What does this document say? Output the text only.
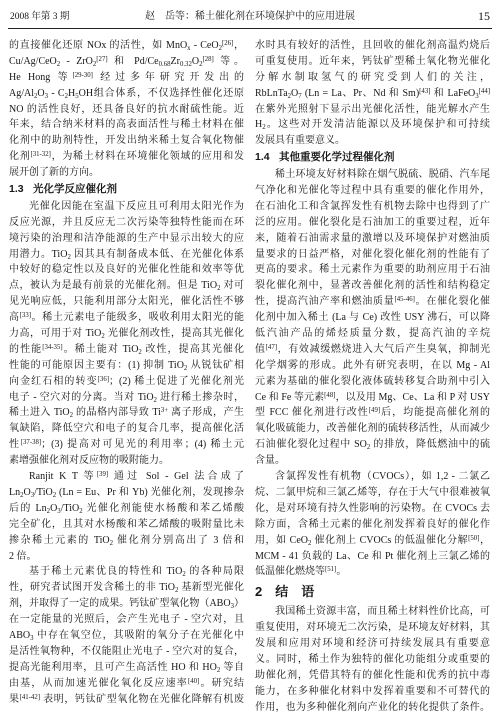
2008 年第 3 期	赵　岳等：稀土催化剂在环境保护中的应用进展	15
的直接催化还原 NOx 的活性，如 MnO$_x$ - CeO$_2$[26]，
Cu/Ag/CeO$_2$ - ZrO$_2$[27] 和 $Pd/Ce_{0.68}Zr_{0.32}O_2[28]$ 等。
He Hong 等[29-30] 经过多年研究开发出的
$Ag/Al_2O_3 - C_2H_5OH$组合体系，不仅选择性催化还原
NO 的活性良好，还具备良好的抗水耐硫性能。近
年来，结合纳米材料的高表面活性与稀土材料在催
化剂中的助剂特性，开发出纳米稀土复合氧化物催
化剂[31-32]，为稀土材料在环境催化领域的应用和发
展开创了新的方向。
1.3 光化学反应催化剂
光催化因能在室温下反应且可利用太阳光作为
反应光源，并且反应无二次污染等独特性能而在环
境污染的治理和洁净能源的生产中显示出较大的应
用潜力。TiO$_2$ 因其具有制备成本低、在光催化体系
中较好的稳定性以及良好的光催化性能和效率等优
点，被认为是最有前景的光催化剂。但是 TiO$_2$ 对可
见光响应低，只能利用部分太阳光，催化活性不够
高[33]。稀土元素电子能级多，吸收利用太阳光的能
力高，可用于对 TiO$_2$ 光催化剂改性，提高其光催化
的性能[34-35]。稀土能对 TiO$_2$ 改性，提高其光催化
性能的可能原因主要有：(1) 抑制 TiO$_2$ 从锐钛矿相
向金红石相的转变[36]；(2) 稀土促进了光催化剂光
电子 - 空穴对的分离。当对 TiO$_2$ 进行稀土掺杂时，
稀土进入 TiO$_2$ 的晶格内部导致 $Ti^{3+}$ 离子形成，产生
氧缺陷，降低空穴和电子的复合几率，提高催化活
性[37-38]；(3) 提高对可见光的利用率；(4) 稀土元
素增强催化剂对反应物的吸附能力。
Ranjit K T 等[39] 通过 Sol - Gel 法合成了
$Ln_2O_3/TiO_2$ (Ln = Eu、Pr 和 Yb) 光催化剂，发现掺杂
后的 $Ln_2O_3/TiO_2$ 光催化剂能使水杨酸和苯乙烯酸
完全矿化，且其对水杨酸和苯乙烯酸的吸附量比未
掺杂稀土元素的 TiO$_2$ 催化剂分别高出了 3 倍和
2 倍。
基于稀土元素优良的特性和 TiO$_2$ 的各种局限
性，研究者试图开发含稀土的非 TiO$_2$ 基新型光催化
剂，并取得了一定的成果。钙钛矿型氧化物$(ABO_3)$
在一定能量的光照后，会产生光电子 - 空穴对，且
$ABO_3$ 中存在氧空位，其吸附的氧分子在光催化中
是活性氧物种，不仅能阻止光电子 - 空穴对的复合，
提高光能利用率，且可产生高活性 HO 和 $HO_2$ 等自
由基，从而加速光催化氧化反应速率[40]。研究结
果[41-42] 表明，钙钛矿型氧化物在光催化降解有机废
水时具有较好的活性，且回收的催化剂高温灼烧后
可重复使用。近年来，钙钛矿型稀土氧化物光催化
分解水制取氢气的研究受到人们的关注，
$RbLnTa_2O_7$ (Ln = La、Pr、Nd 和 Sm)[43] 和 LaFeO$_3$[44]
在紫外光照射下显示出光催化活性，能光解水产生
$H_2$。这些对开发清洁能源以及环境保护和可持续
发展具有重要意义。
1.4 其他重要化学过程催化剂
稀土环境友好材料除在烟气脱硫、脱硝、汽车尾
气净化和光催化等过程中具有重要的催化作用外，
在石油化工和含氯挥发性有机物去除中也得到了广
泛的应用。催化裂化是石油加工的重要过程，近年
来，随着石油需求量的激增以及环境保护对燃油质
量要求的日益严格，对催化裂化催化剂的性能有了
更高的要求。稀土元素作为重要的助剂应用于石油
裂化催化剂中，显著改善催化剂的活性和结构稳定
性，提高汽油产率和燃油质量[45-46]。在催化裂化催
化剂中加入稀土 (La 与 Ce) 改性 USY 沸石，可以降
低汽油产品的烯烃质量分数，提高汽油的辛烷
值[47]，有效减缓燃烧进入大气后产生臭氧，抑制光
化学烟雾的形成。此外有研究表明，在以 Mg - Al
元素为基础的催化裂化液体硫转移复合助剂中引入
Ce 和 Fe 等元素[48]，以及用 Mg、Ce、La 和 P 对 USY
型 FCC 催化剂进行改性[49]后，均能提高催化剂的
氧化吸硫能力，改善催化剂的硫转移活性，从而减少
石油催化裂化过程中 $SO_2$ 的排放，降低燃油中的硫
含量。
含氯挥发性有机物（CVOCs），如 1,2 - 二氯乙
烷、二氯甲烷和三氯乙烯等，存在于大气中很难被氧
化，是对环境有持久性影响的污染物。在 CVOCs 去
除方面，含稀土元素的催化剂发挥着良好的催化作
用，如 CeO$_2$ 催化剂上 CVOCs 的低温催化分解[50]，
MCM - 41 负载的 La、Ce 和 Pt 催化剂上三氯乙烯的
低温催化燃烧等[51]。
2 结　语
我国稀土资源丰富，而且稀土材料性价比高，可
重复使用，对环境无二次污染，是环境友好材料，其
发展和应用对环境和经济可持续发展具有重要意
义。同时，稀土作为独特的催化功能组分或重要的
助催化剂，凭借其特有的催化性能和优秀的抗中毒
能力，在多种催化材料中发挥着重要和不可替代的
作用，也为多种催化剂向产业化的转化提供了条件。
